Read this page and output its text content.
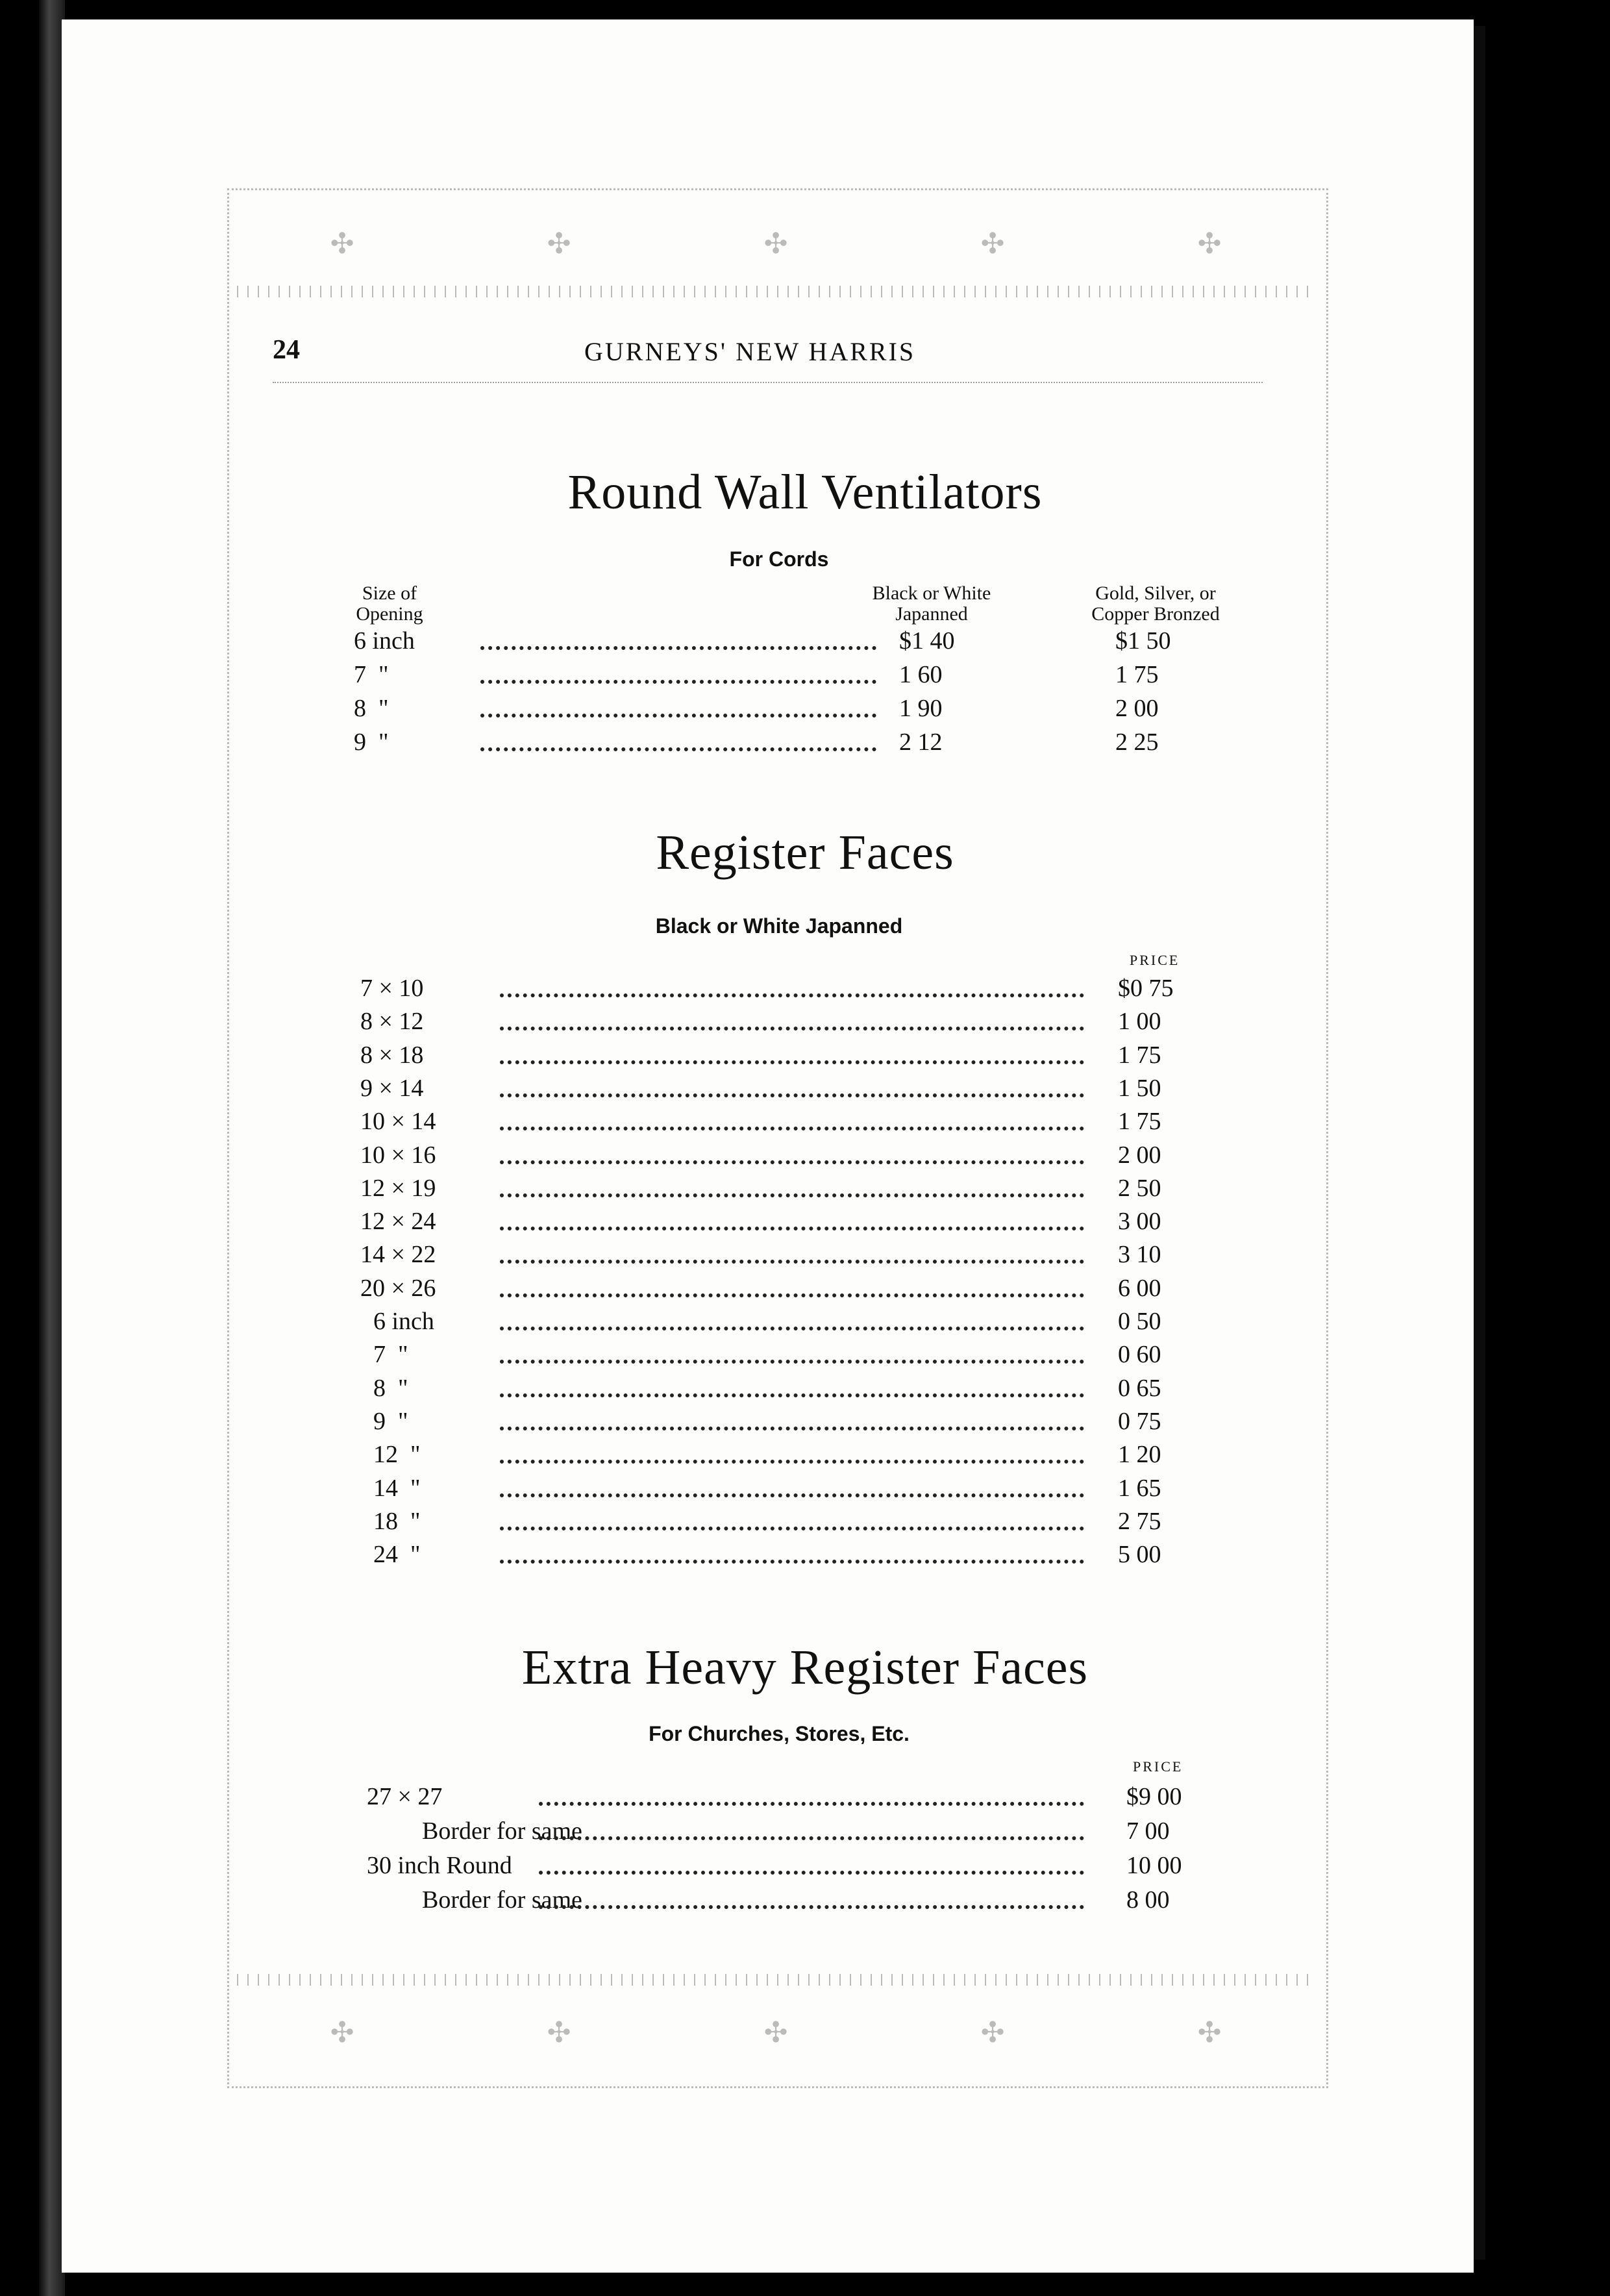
✣	✣	✣	✣	✣
✣	✣	✣	✣	✣
24	GURNEYS' NEW HARRIS
Round Wall Ventilators
For Cords
Size of Opening
Black or White Japanned
Gold, Silver, or Copper Bronzed
6 inch	$1 40	$1 50
7  "	1 60	1 75
8  "	1 90	2 00
9  "	2 12	2 25
Register Faces
Black or White Japanned
PRICE
7 × 10	$0 75
8 × 12	1 00
8 × 18	1 75
9 × 14	1 50
10 × 14	1 75
10 × 16	2 00
12 × 19	2 50
12 × 24	3 00
14 × 22	3 10
20 × 26	6 00
6 inch	0 50
7  "	0 60
8  "	0 65
9  "	0 75
12  "	1 20
14  "	1 65
18  "	2 75
24  "	5 00
Extra Heavy Register Faces
For Churches, Stores, Etc.
PRICE
27 × 27	$9 00
Border for same	7 00
30 inch Round	10 00
Border for same	8 00
